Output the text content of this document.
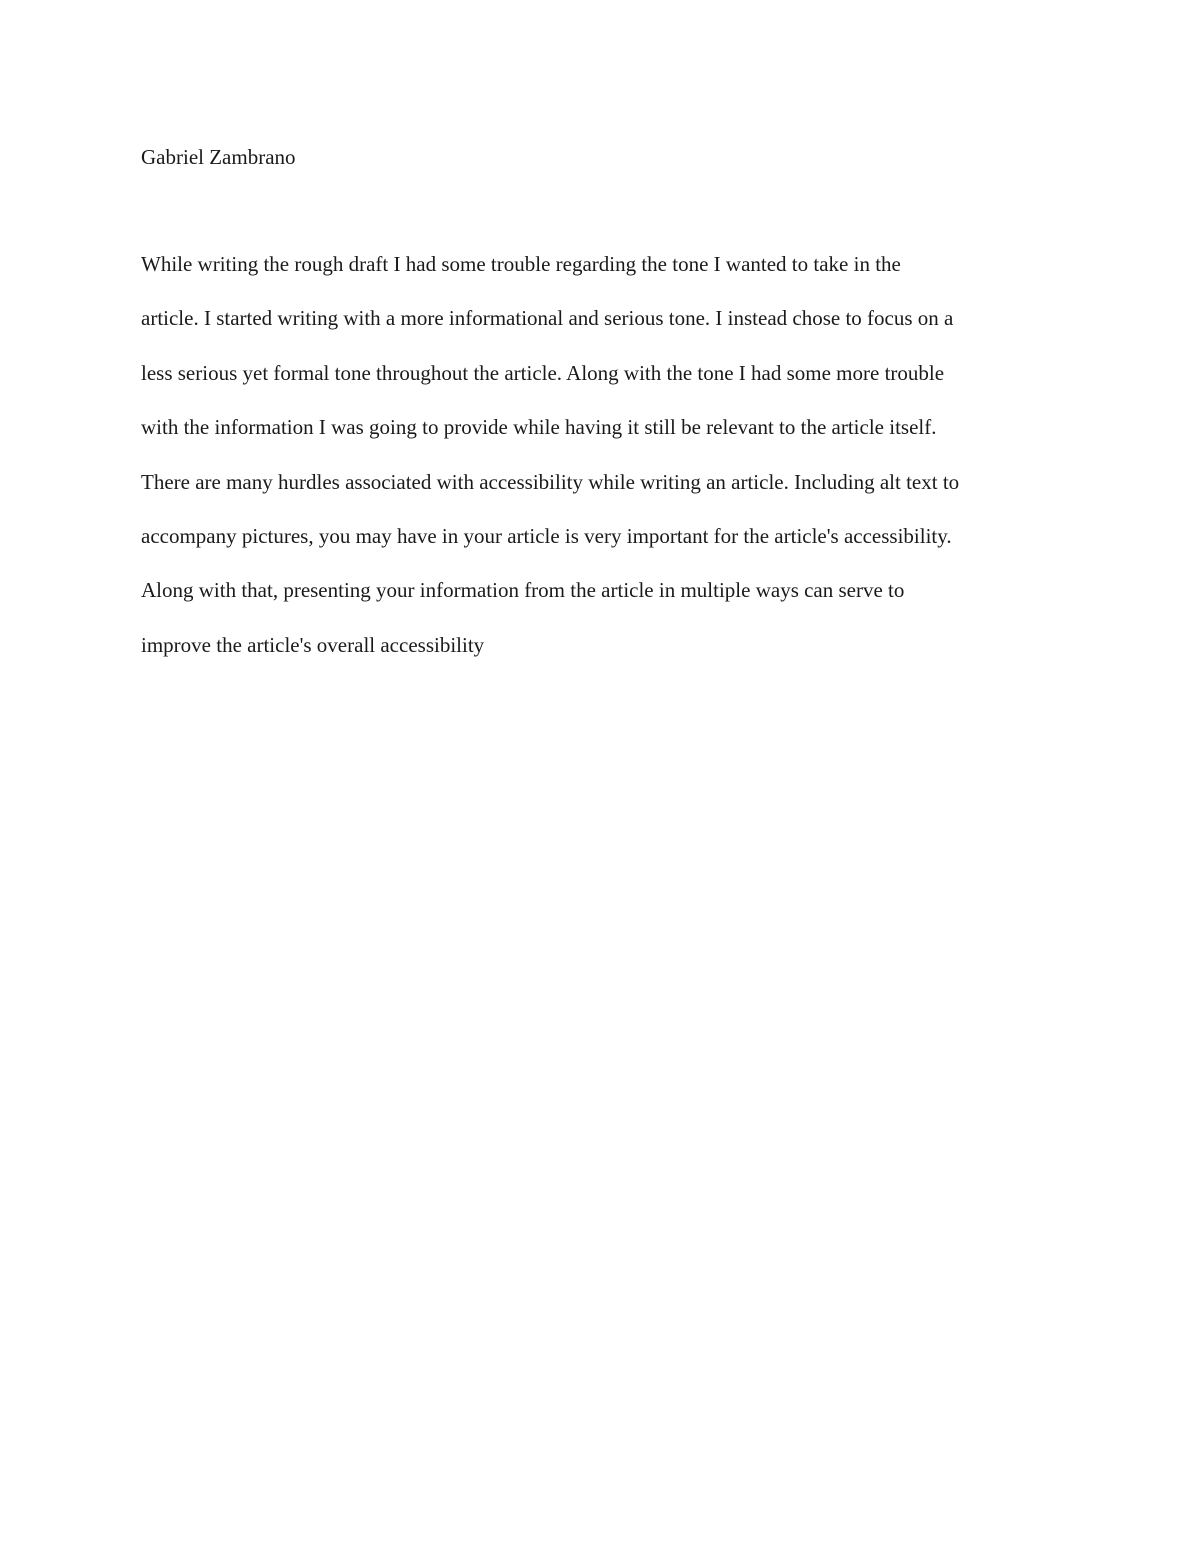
Gabriel Zambrano

While writing the rough draft I had some trouble regarding the tone I wanted to take in the
article. I started writing with a more informational and serious tone. I instead chose to focus on a
less serious yet formal tone throughout the article. Along with the tone I had some more trouble
with the information I was going to provide while having it still be relevant to the article itself.
There are many hurdles associated with accessibility while writing an article. Including alt text to
accompany pictures, you may have in your article is very important for the article's accessibility.
Along with that, presenting your information from the article in multiple ways can serve to
improve the article's overall accessibility
